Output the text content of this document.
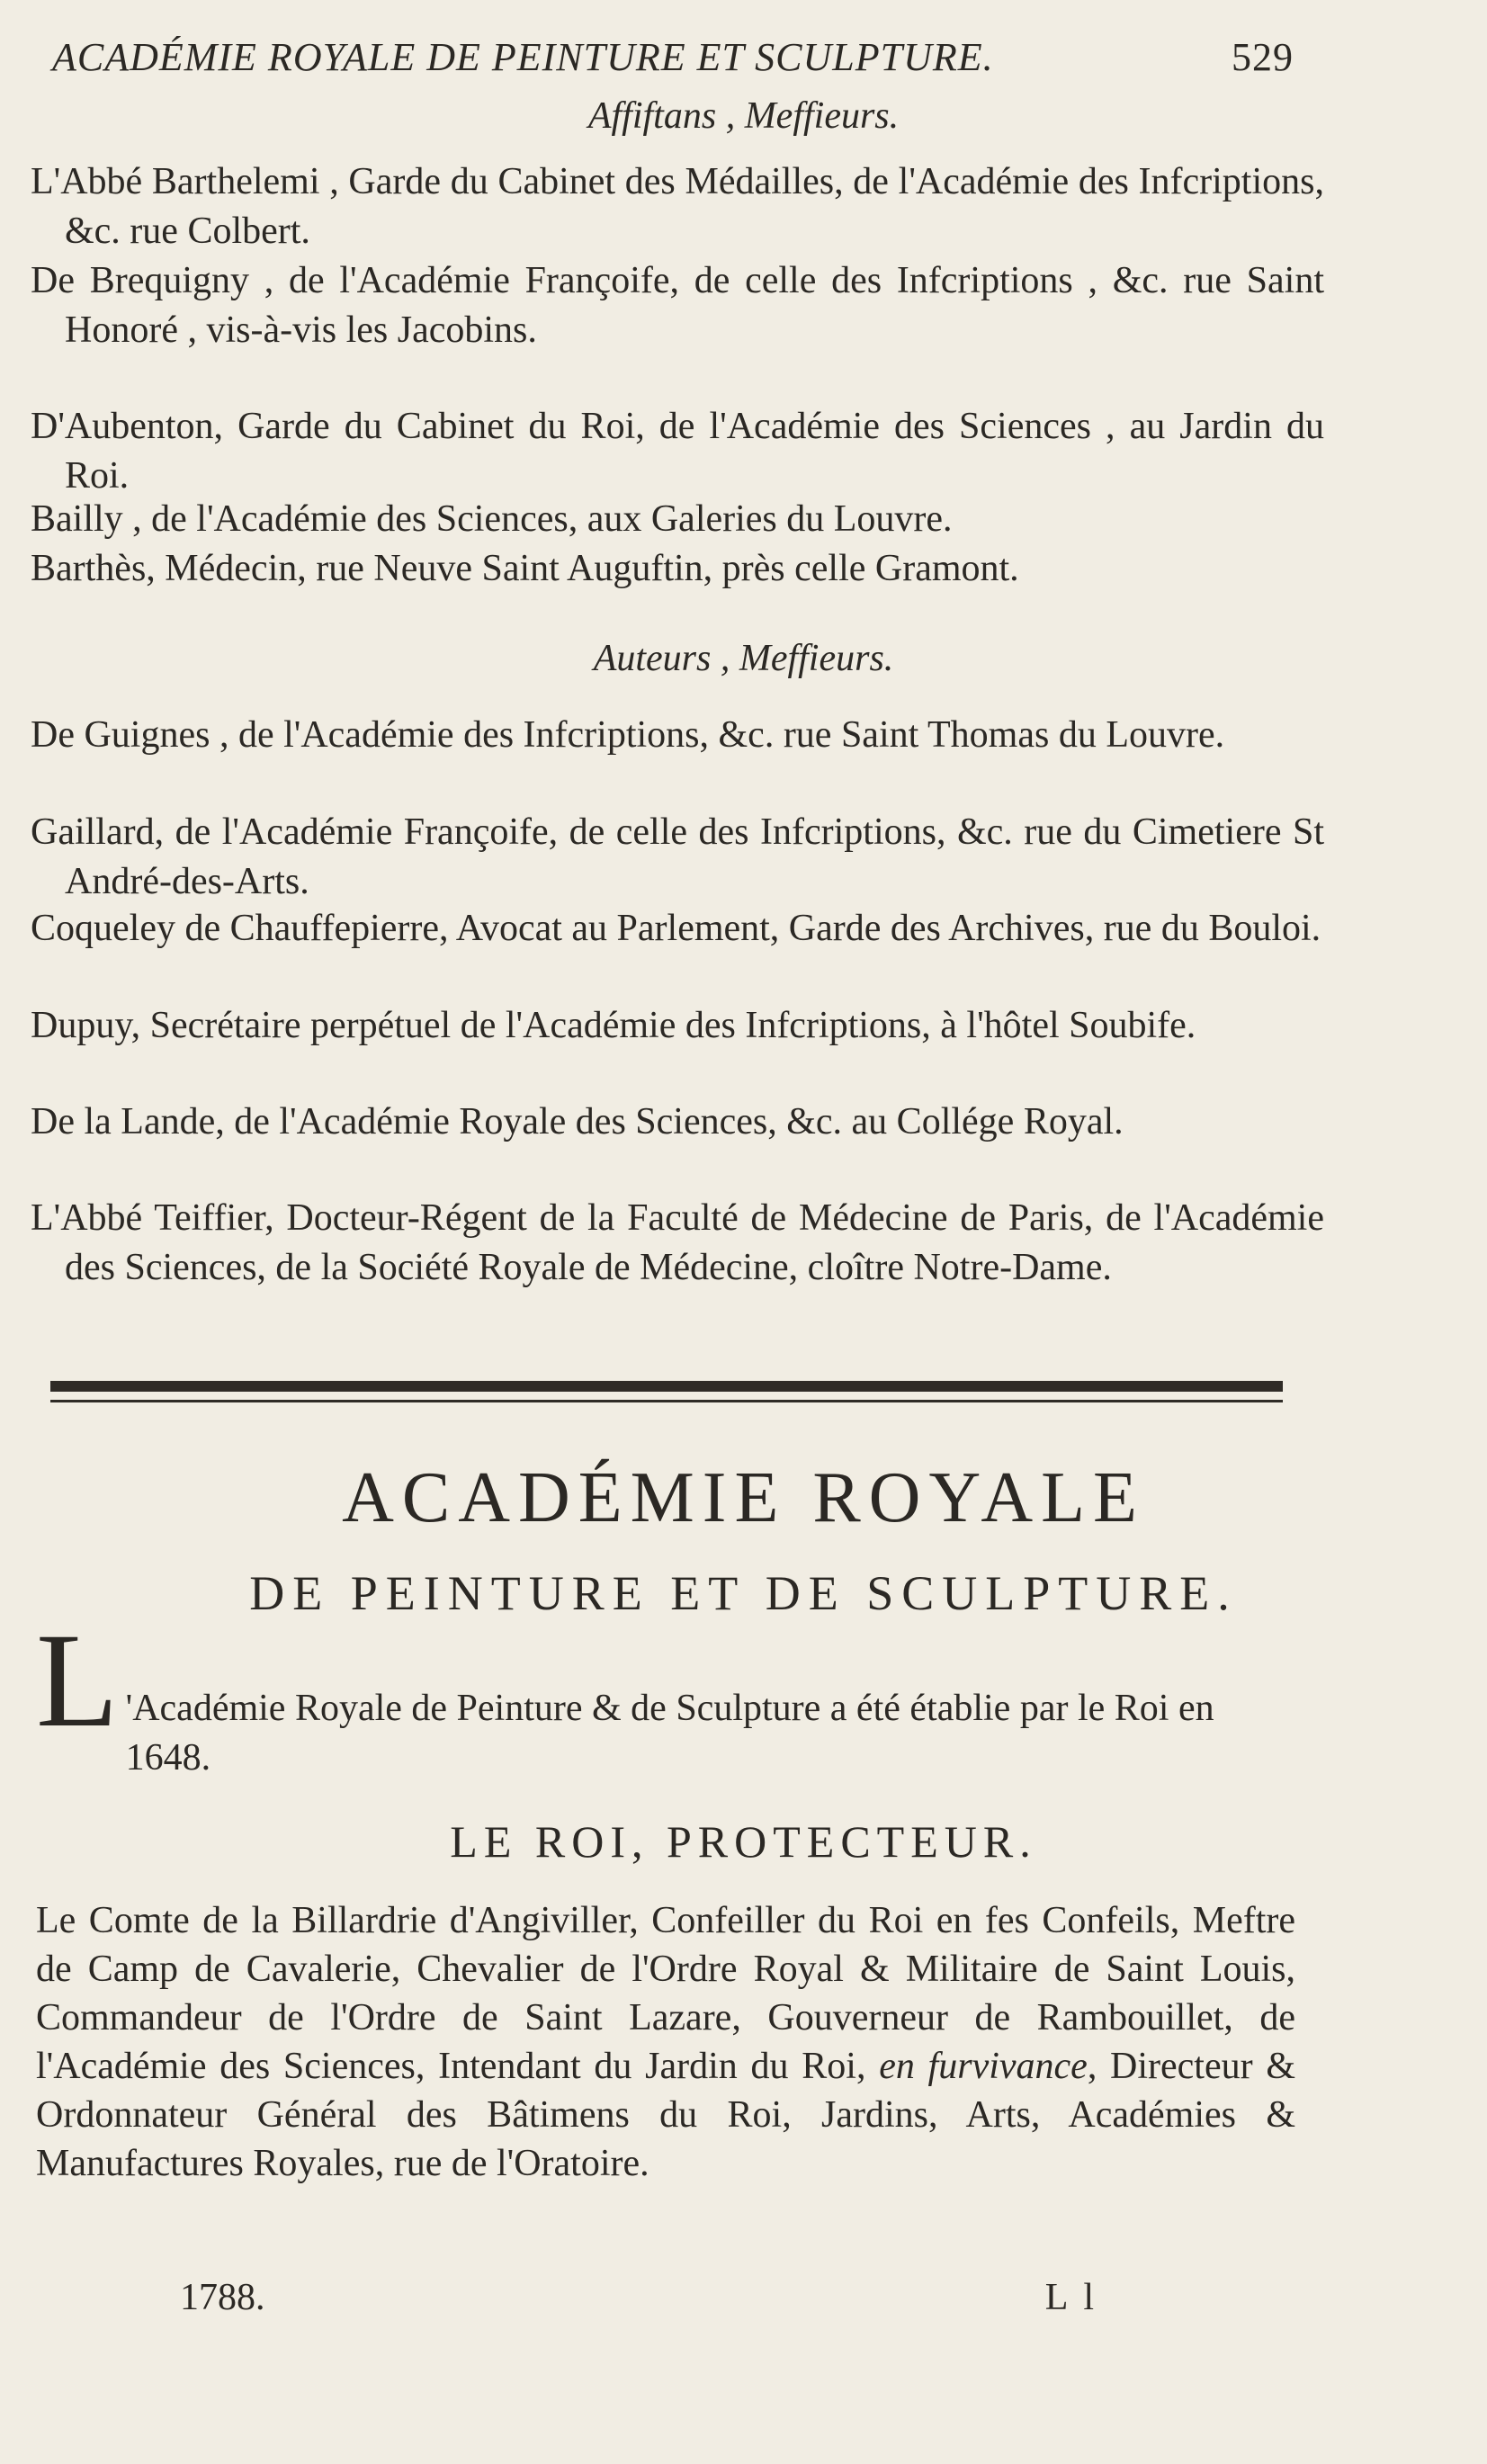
ACADÉMIE ROYALE DE PEINTURE ET SCULPTURE.	529
Affiftans , Meffieurs.
L'Abbé Barthelemi , Garde du Cabinet des Médailles, de l'Académie des Infcriptions, &c. rue Colbert.
De Brequigny , de l'Académie Françoife, de celle des Infcriptions , &c. rue Saint Honoré , vis-à-vis les Jacobins.
D'Aubenton, Garde du Cabinet du Roi, de l'Académie des Sciences , au Jardin du Roi.
Bailly , de l'Académie des Sciences, aux Galeries du Louvre.
Barthès, Médecin, rue Neuve Saint Auguftin, près celle Gramont.
Auteurs , Meffieurs.
De Guignes , de l'Académie des Infcriptions, &c. rue Saint Thomas du Louvre.
Gaillard, de l'Académie Françoife, de celle des Infcriptions, &c. rue du Cimetiere St André-des-Arts.
Coqueley de Chauffepierre, Avocat au Parlement, Garde des Archives, rue du Bouloi.
Dupuy, Secrétaire perpétuel de l'Académie des Infcriptions, à l'hôtel Soubife.
De la Lande, de l'Académie Royale des Sciences, &c. au Collége Royal.
L'Abbé Teiffier, Docteur-Régent de la Faculté de Médecine de Paris, de l'Académie des Sciences, de la Société Royale de Médecine, cloître Notre-Dame.
ACADÉMIE ROYALE
DE PEINTURE ET DE SCULPTURE.
L 'Académie Royale de Peinture & de Sculpture a été établie par le Roi en 1648.
LE ROI, PROTECTEUR.
Le Comte de la Billardrie d'Angiviller, Confeiller du Roi en fes Confeils, Meftre de Camp de Cavalerie, Chevalier de l'Ordre Royal & Militaire de Saint Louis, Commandeur de l'Ordre de Saint Lazare, Gouverneur de Rambouillet, de l'Académie des Sciences, Intendant du Jardin du Roi, en furvivance, Directeur & Ordonnateur Général des Bâtimens du Roi, Jardins, Arts, Académies & Manufactures Royales, rue de l'Oratoire.
1788.	L l
